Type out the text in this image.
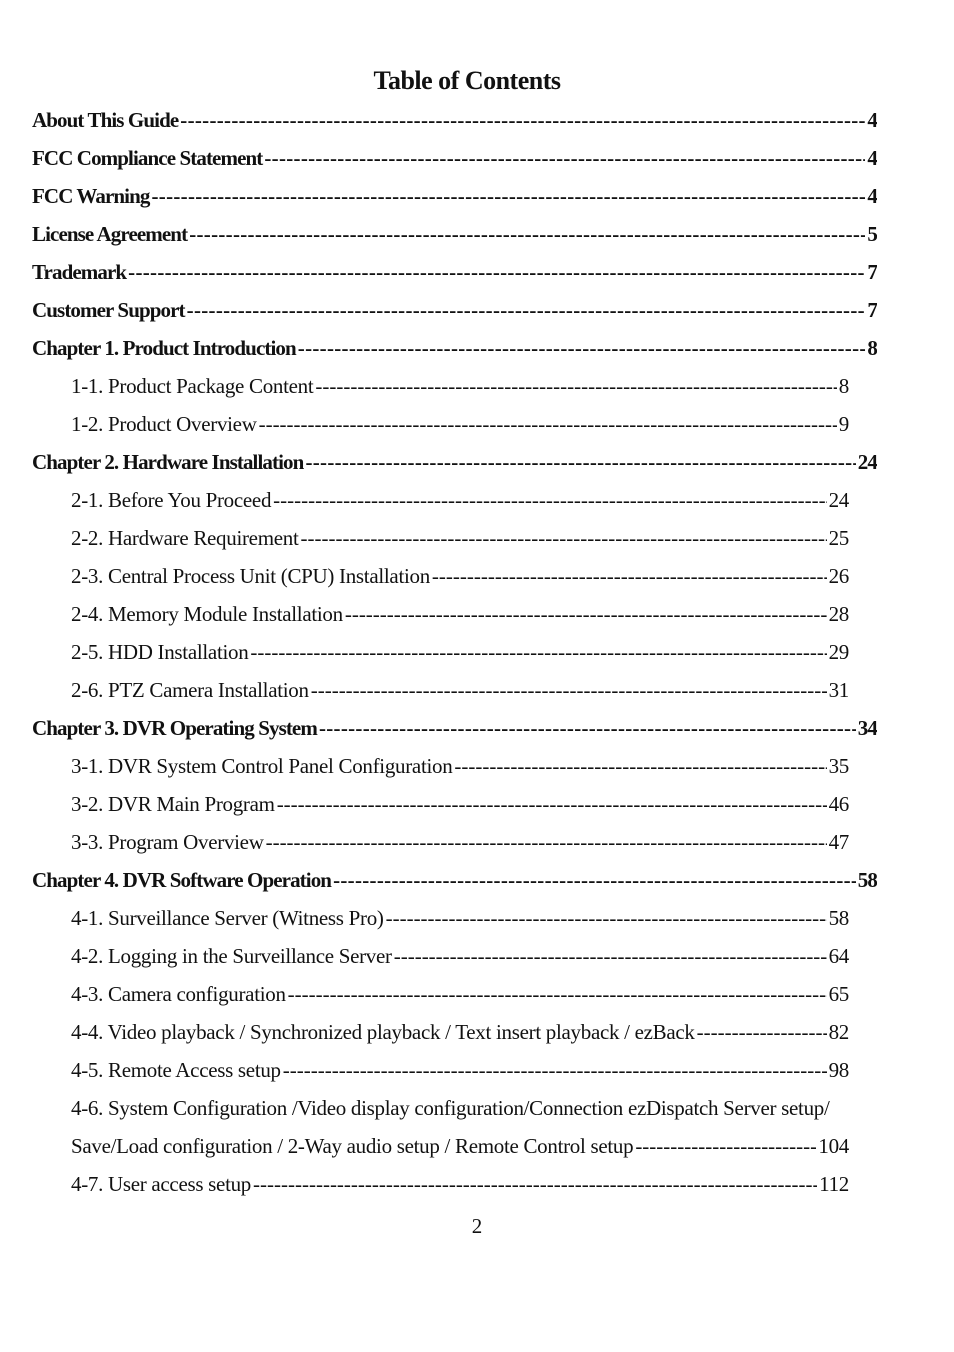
Table of Contents
About This Guide -----	4
FCC Compliance Statement -----	4
FCC Warning -----	4
License Agreement -----	5
Trademark -----	7
Customer Support -----	7
Chapter 1. Product Introduction -----	8
1-1. Product Package Content -----	8
1-2. Product Overview -----	9
Chapter 2. Hardware Installation -----	24
2-1. Before You Proceed -----	24
2-2. Hardware Requirement -----	25
2-3. Central Process Unit (CPU) Installation -----	26
2-4. Memory Module Installation -----	28
2-5. HDD Installation -----	29
2-6. PTZ Camera Installation -----	31
Chapter 3. DVR Operating System -----	34
3-1. DVR System Control Panel Configuration -----	35
3-2. DVR Main Program -----	46
3-3. Program Overview -----	47
Chapter 4. DVR Software Operation -----	58
4-1. Surveillance Server (Witness Pro) -----	58
4-2. Logging in the Surveillance Server -----	64
4-3. Camera configuration -----	65
4-4. Video playback / Synchronized playback / Text insert playback / ezBack -----	82
4-5. Remote Access setup -----	98
4-6. System Configuration /Video display configuration/Connection ezDispatch Server setup/
Save/Load configuration / 2-Way audio setup / Remote Control setup -----	104
4-7. User access setup -----	112
2
